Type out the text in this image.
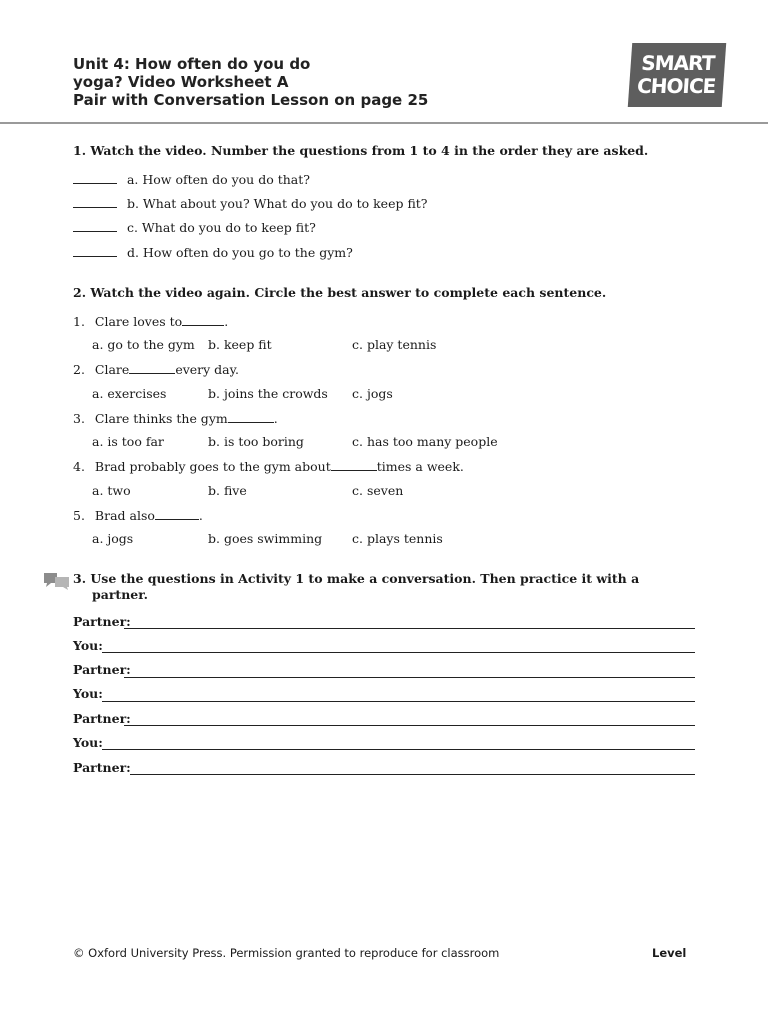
Unit 4: How often do you do
yoga? Video Worksheet A
Pair with Conversation Lesson on page 25
SMART
CHOICE
1. Watch the video. Number the questions from 1 to 4 in the order they are asked.
a. How often do you do that?
b. What about you? What do you do to keep fit?
c. What do you do to keep fit?
d. How often do you go to the gym?
2. Watch the video again. Circle the best answer to complete each sentence.
1. Clare loves to	.
a. go to the gym b. keep fit	c. play tennis
2. Clare	every day.
a. exercises	b. joins the crowds c. jogs
3. Clare thinks the gym	.
a. is too far	b. is too boring	c. has too many people
4. Brad probably goes to the gym about	times a week.
a. two	b. five	c. seven
5. Brad also	.
a. jogs	b. goes swimming c. plays tennis
3. Use the questions in Activity 1 to make a conversation. Then practice it with a
partner.
Partner:
You:
Partner:
You:
Partner:
You:
Partner:
© Oxford University Press. Permission granted to reproduce for classroom	Level
